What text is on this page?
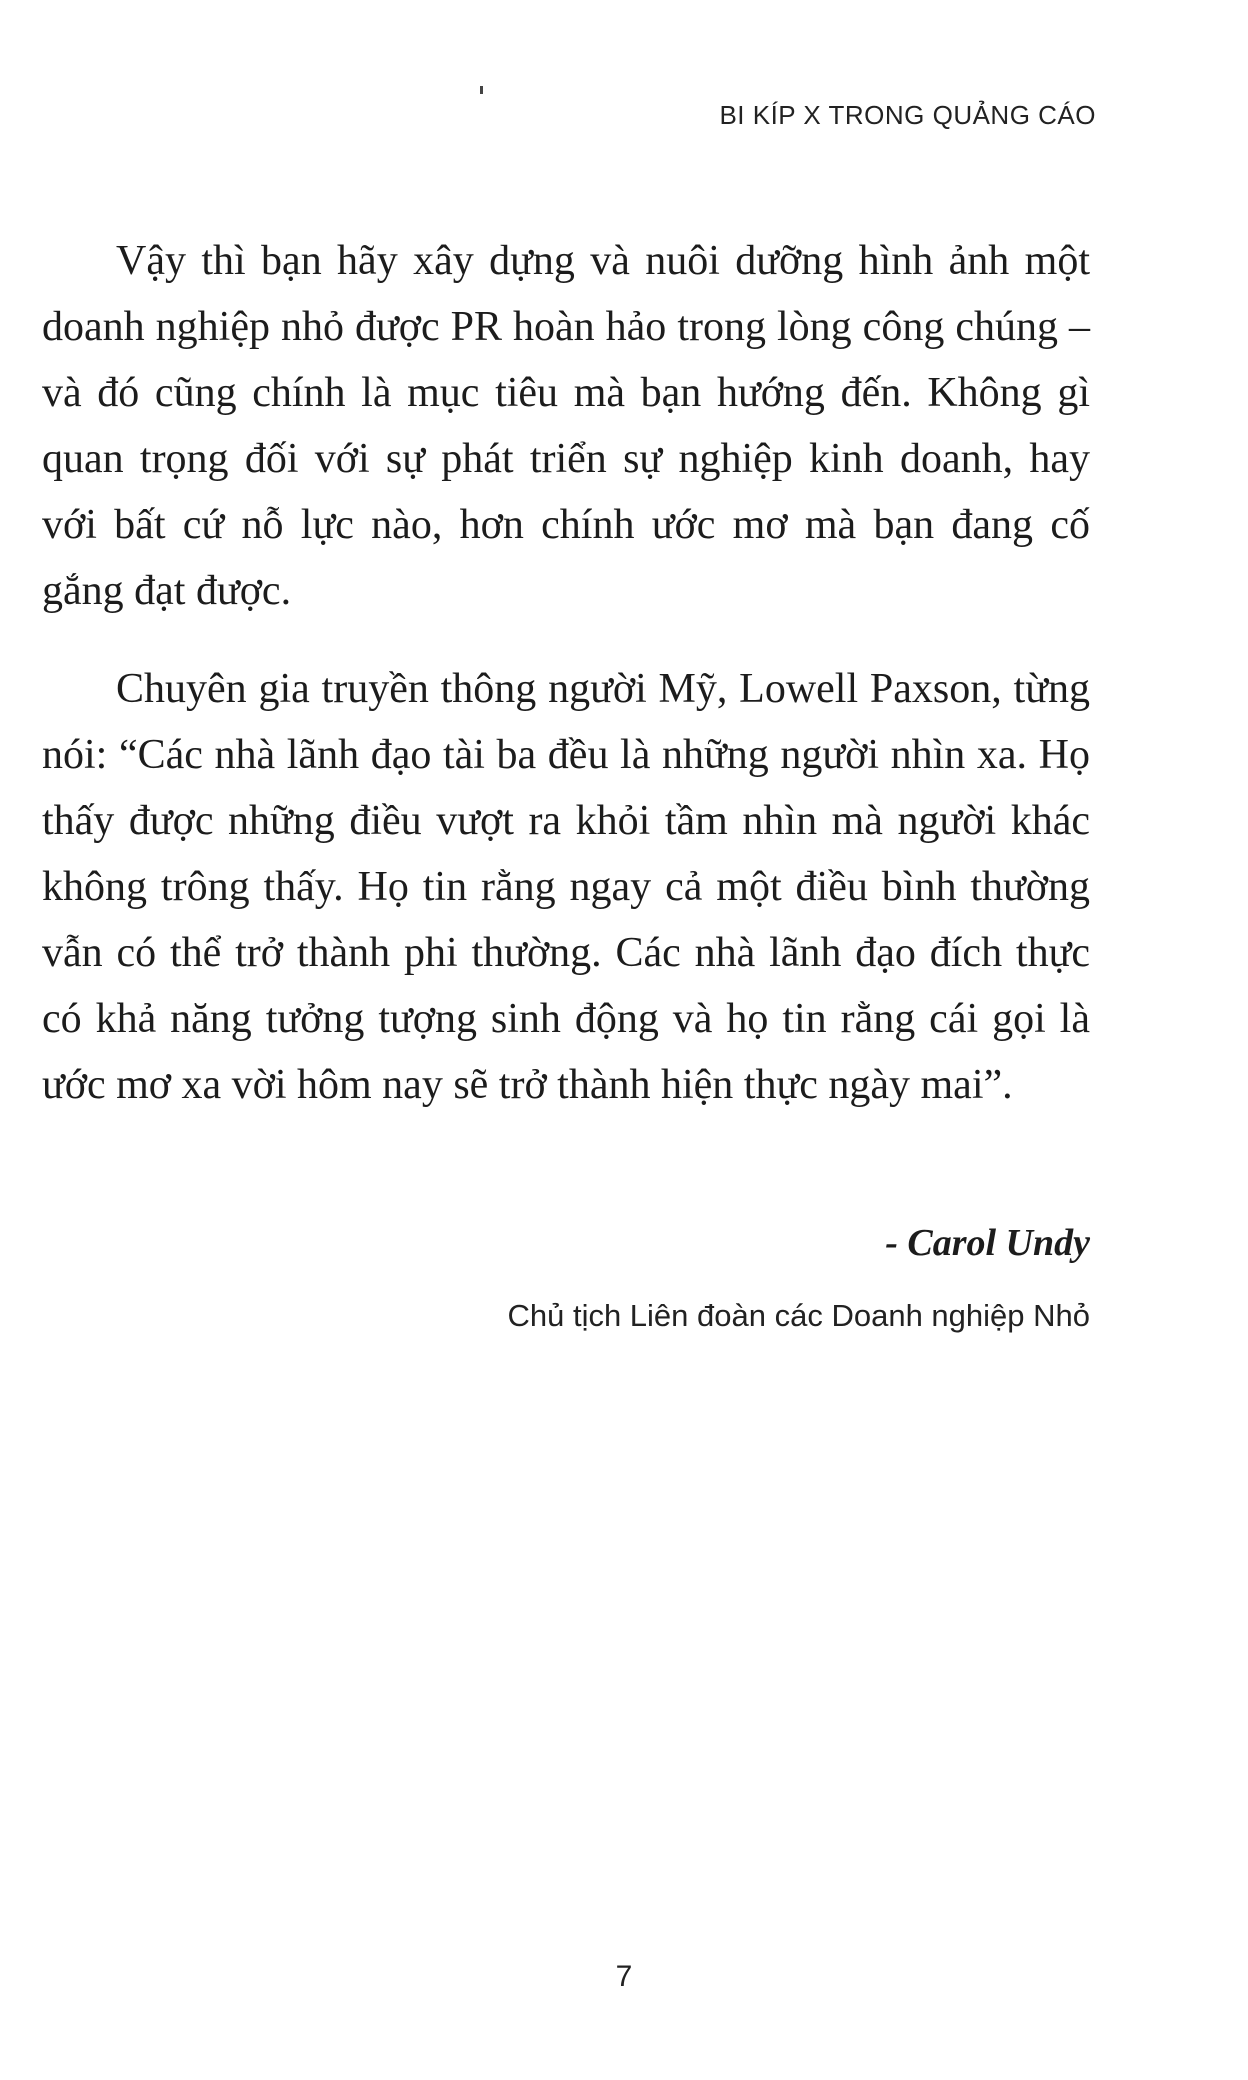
BI KÍP X TRONG QUẢNG CÁO

Vậy thì bạn hãy xây dựng và nuôi dưỡng hình ảnh một doanh nghiệp nhỏ được PR hoàn hảo trong lòng công chúng – và đó cũng chính là mục tiêu mà bạn hướng đến. Không gì quan trọng đối với sự phát triển sự nghiệp kinh doanh, hay với bất cứ nỗ lực nào, hơn chính ước mơ mà bạn đang cố gắng đạt được.

Chuyên gia truyền thông người Mỹ, Lowell Paxson, từng nói: “Các nhà lãnh đạo tài ba đều là những người nhìn xa. Họ thấy được những điều vượt ra khỏi tầm nhìn mà người khác không trông thấy. Họ tin rằng ngay cả một điều bình thường vẫn có thể trở thành phi thường. Các nhà lãnh đạo đích thực có khả năng tưởng tượng sinh động và họ tin rằng cái gọi là ước mơ xa vời hôm nay sẽ trở thành hiện thực ngày mai”.

- Carol Undy
Chủ tịch Liên đoàn các Doanh nghiệp Nhỏ
7
